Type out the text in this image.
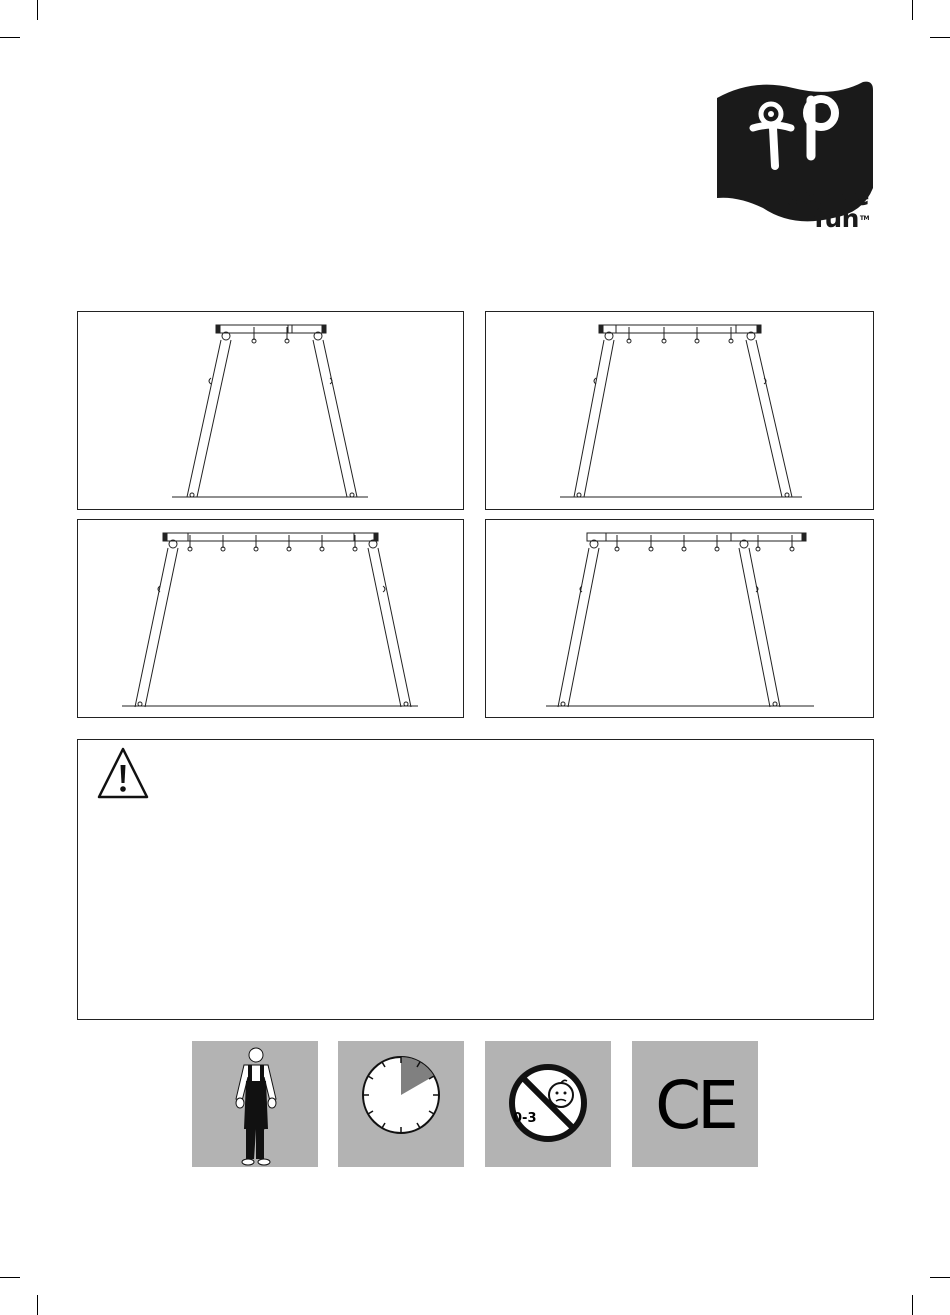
active
fun™
0-3	CE
